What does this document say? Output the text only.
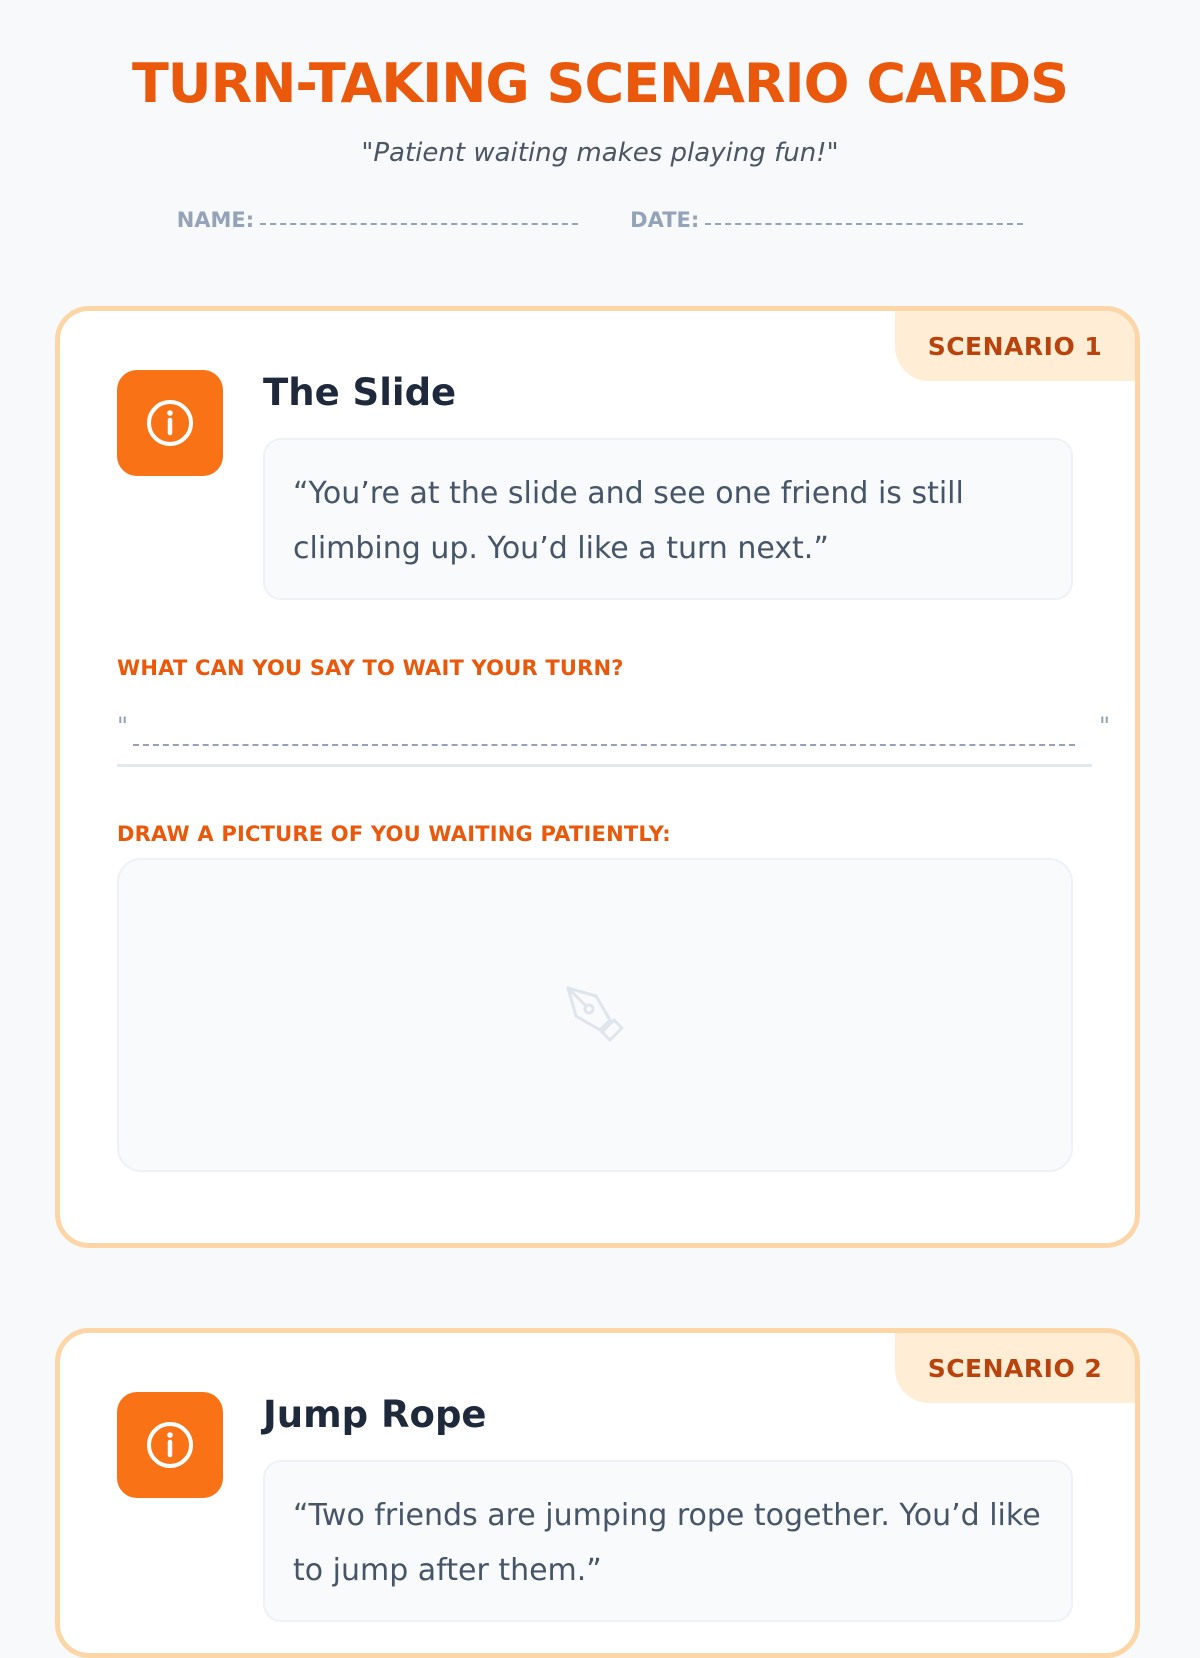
TURN-TAKING SCENARIO CARDS
"Patient waiting makes playing fun!"
NAME:	DATE:
SCENARIO 1
The Slide
“You’re at the slide and see one friend is still climbing up. You’d like a turn next.”
WHAT CAN YOU SAY TO WAIT YOUR TURN?
"	"
DRAW A PICTURE OF YOU WAITING PATIENTLY:
SCENARIO 2
Jump Rope
“Two friends are jumping rope together. You’d like to jump after them.”
